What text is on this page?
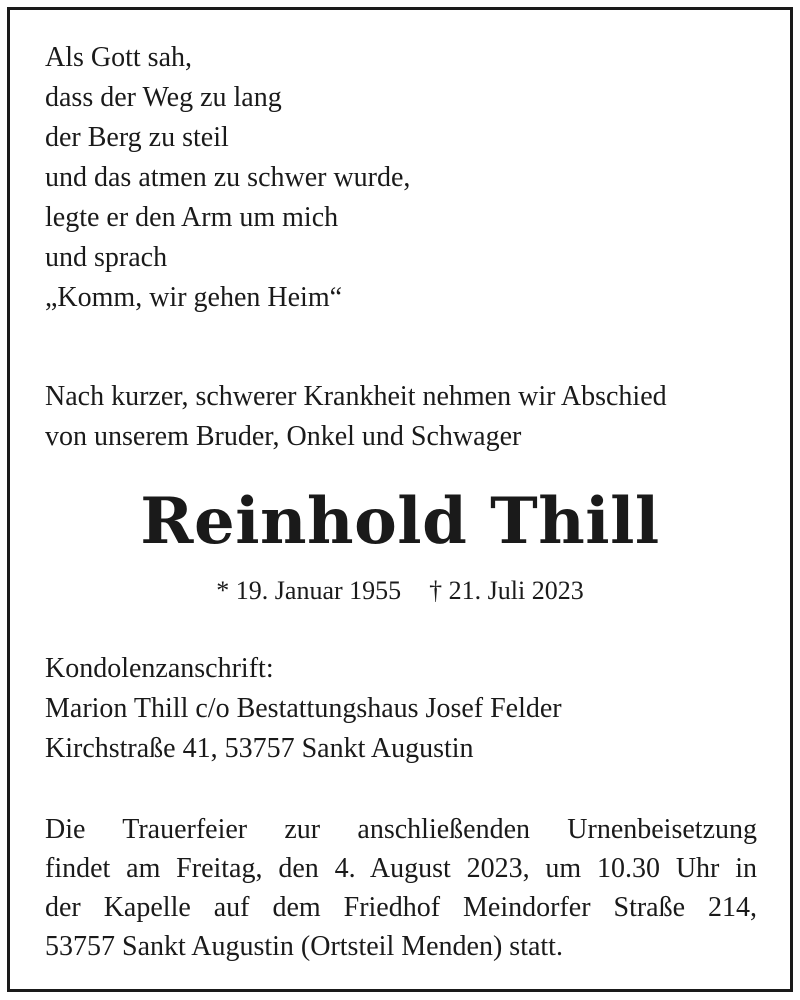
Als Gott sah,
dass der Weg zu lang
der Berg zu steil
und das atmen zu schwer wurde,
legte er den Arm um mich
und sprach
„Komm, wir gehen Heim“
Nach kurzer, schwerer Krankheit nehmen wir Abschied
von unserem Bruder, Onkel und Schwager
Reinhold Thill
* 19. Januar 1955 † 21. Juli 2023
Kondolenzanschrift:
Marion Thill c/o Bestattungshaus Josef Felder
Kirchstraße 41, 53757 Sankt Augustin
Die Trauerfeier zur anschließenden Urnenbeisetzung
findet am Freitag, den 4. August 2023, um 10.30 Uhr in
der Kapelle auf dem Friedhof Meindorfer Straße 214,
53757 Sankt Augustin (Ortsteil Menden) statt.
